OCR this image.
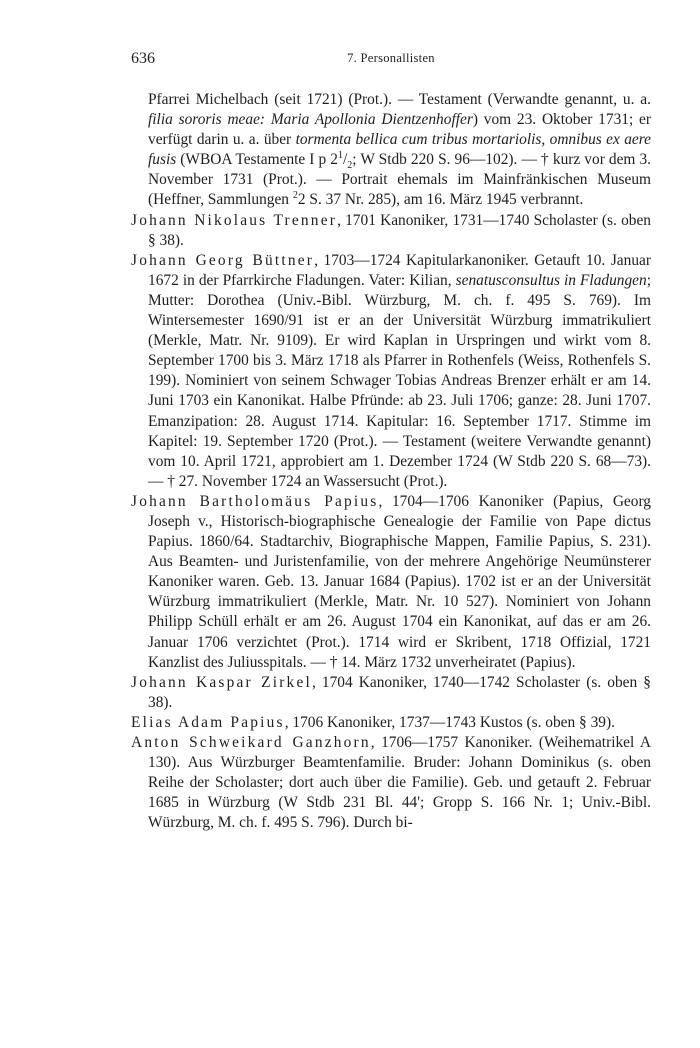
636	7. Personallisten

Pfarrei Michelbach (seit 1721) (Prot.). — Testament (Verwandte genannt, u. a. filia sororis meae: Maria Apollonia Dientzenhoffer) vom 23. Oktober 1731; er verfügt darin u. a. über tormenta bellica cum tribus mortariolis, omnibus ex aere fusis (WBOA Testamente I p $2^1/_2$; W Stdb 220 S. 96—102). — † kurz vor dem 3. November 1731 (Prot.). — Portrait ehemals im Mainfränkischen Museum (Heffner, Sammlungen $^2$2 S. 37 Nr. 285), am 16. März 1945 verbrannt.

Johann Nikolaus Trenner, 1701 Kanoniker, 1731—1740 Scholaster (s. oben § 38).

Johann Georg Büttner, 1703—1724 Kapitularkanoniker. Getauft 10. Januar 1672 in der Pfarrkirche Fladungen. Vater: Kilian, senatusconsultus in Fladungen; Mutter: Dorothea (Univ.-Bibl. Würzburg, M. ch. f. 495 S. 769). Im Wintersemester 1690/91 ist er an der Universität Würzburg immatrikuliert (Merkle, Matr. Nr. 9109). Er wird Kaplan in Urspringen und wirkt vom 8. September 1700 bis 3. März 1718 als Pfarrer in Rothenfels (Weiss, Rothenfels S. 199). Nominiert von seinem Schwager Tobias Andreas Brenzer erhält er am 14. Juni 1703 ein Kanonikat. Halbe Pfründe: ab 23. Juli 1706; ganze: 28. Juni 1707. Emanzipation: 28. August 1714. Kapitular: 16. September 1717. Stimme im Kapitel: 19. September 1720 (Prot.). — Testament (weitere Verwandte genannt) vom 10. April 1721, approbiert am 1. Dezember 1724 (W Stdb 220 S. 68—73). — † 27. November 1724 an Wassersucht (Prot.).

Johann Bartholomäus Papius, 1704—1706 Kanoniker (Papius, Georg Joseph v., Historisch-biographische Genealogie der Familie von Pape dictus Papius. 1860/64. Stadtarchiv, Biographische Mappen, Familie Papius, S. 231). Aus Beamten- und Juristenfamilie, von der mehrere Angehörige Neumünsterer Kanoniker waren. Geb. 13. Januar 1684 (Papius). 1702 ist er an der Universität Würzburg immatrikuliert (Merkle, Matr. Nr. 10 527). Nominiert von Johann Philipp Schüll erhält er am 26. August 1704 ein Kanonikat, auf das er am 26. Januar 1706 verzichtet (Prot.). 1714 wird er Skribent, 1718 Offizial, 1721 Kanzlist des Juliusspitals. — † 14. März 1732 unverheiratet (Papius).

Johann Kaspar Zirkel, 1704 Kanoniker, 1740—1742 Scholaster (s. oben § 38).

Elias Adam Papius, 1706 Kanoniker, 1737—1743 Kustos (s. oben § 39).

Anton Schweikard Ganzhorn, 1706—1757 Kanoniker. (Weihematrikel A 130). Aus Würzburger Beamtenfamilie. Bruder: Johann Dominikus (s. oben Reihe der Scholaster; dort auch über die Familie). Geb. und getauft 2. Februar 1685 in Würzburg (W Stdb 231 Bl. 44'; Gropp S. 166 Nr. 1; Univ.-Bibl. Würzburg, M. ch. f. 495 S. 796). Durch bi-
